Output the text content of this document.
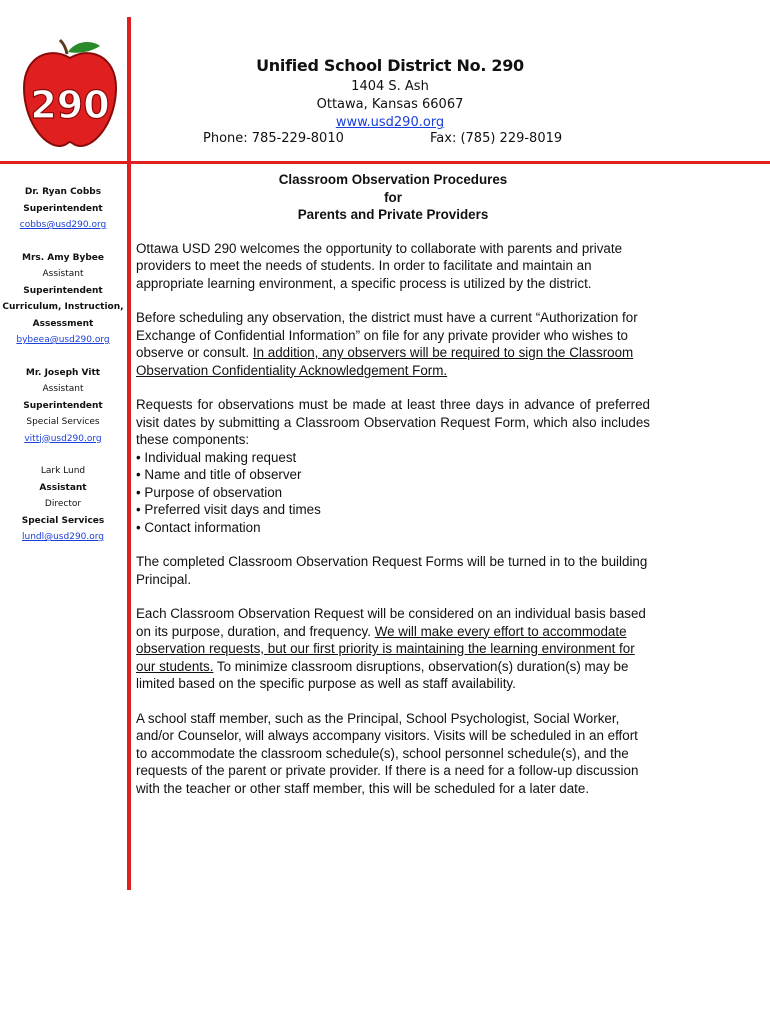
290
Unified School District No. 290
1404 S. Ash
Ottawa, Kansas 66067
www.usd290.org
Phone: 785-229-8010	Fax: (785) 229-8019
Dr. Ryan Cobbs
Superintendent
cobbs@usd290.org
Mrs. Amy Bybee
Assistant
Superintendent
Curriculum, Instruction,
Assessment
bybeea@usd290.org
Mr. Joseph Vitt
Assistant
Superintendent
Special Services
vittj@usd290.org
Lark Lund
Assistant
Director
Special Services
lundl@usd290.org
Classroom Observation Procedures
for
Parents and Private Providers

Ottawa USD 290 welcomes the opportunity to collaborate with parents and private providers to meet the needs of students. In order to facilitate and maintain an appropriate learning environment, a specific process is utilized by the district.

Before scheduling any observation, the district must have a current “Authorization for Exchange of Confidential Information” on file for any private provider who wishes to observe or consult. In addition, any observers will be required to sign the Classroom Observation Confidentiality Acknowledgement Form.

Requests for observations must be made at least three days in advance of preferred visit dates by submitting a Classroom Observation Request Form, which also includes these components:

• Individual making request
• Name and title of observer
• Purpose of observation
• Preferred visit days and times
• Contact information

The completed Classroom Observation Request Forms will be turned in to the building Principal.

Each Classroom Observation Request will be considered on an individual basis based on its purpose, duration, and frequency. We will make every effort to accommodate observation requests, but our first priority is maintaining the learning environment for our students. To minimize classroom disruptions, observation(s) duration(s) may be limited based on the specific purpose as well as staff availability.

A school staff member, such as the Principal, School Psychologist, Social Worker, and/or Counselor, will always accompany visitors. Visits will be scheduled in an effort to accommodate the classroom schedule(s), school personnel schedule(s), and the requests of the parent or private provider. If there is a need for a follow-up discussion with the teacher or other staff member, this will be scheduled for a later date.
